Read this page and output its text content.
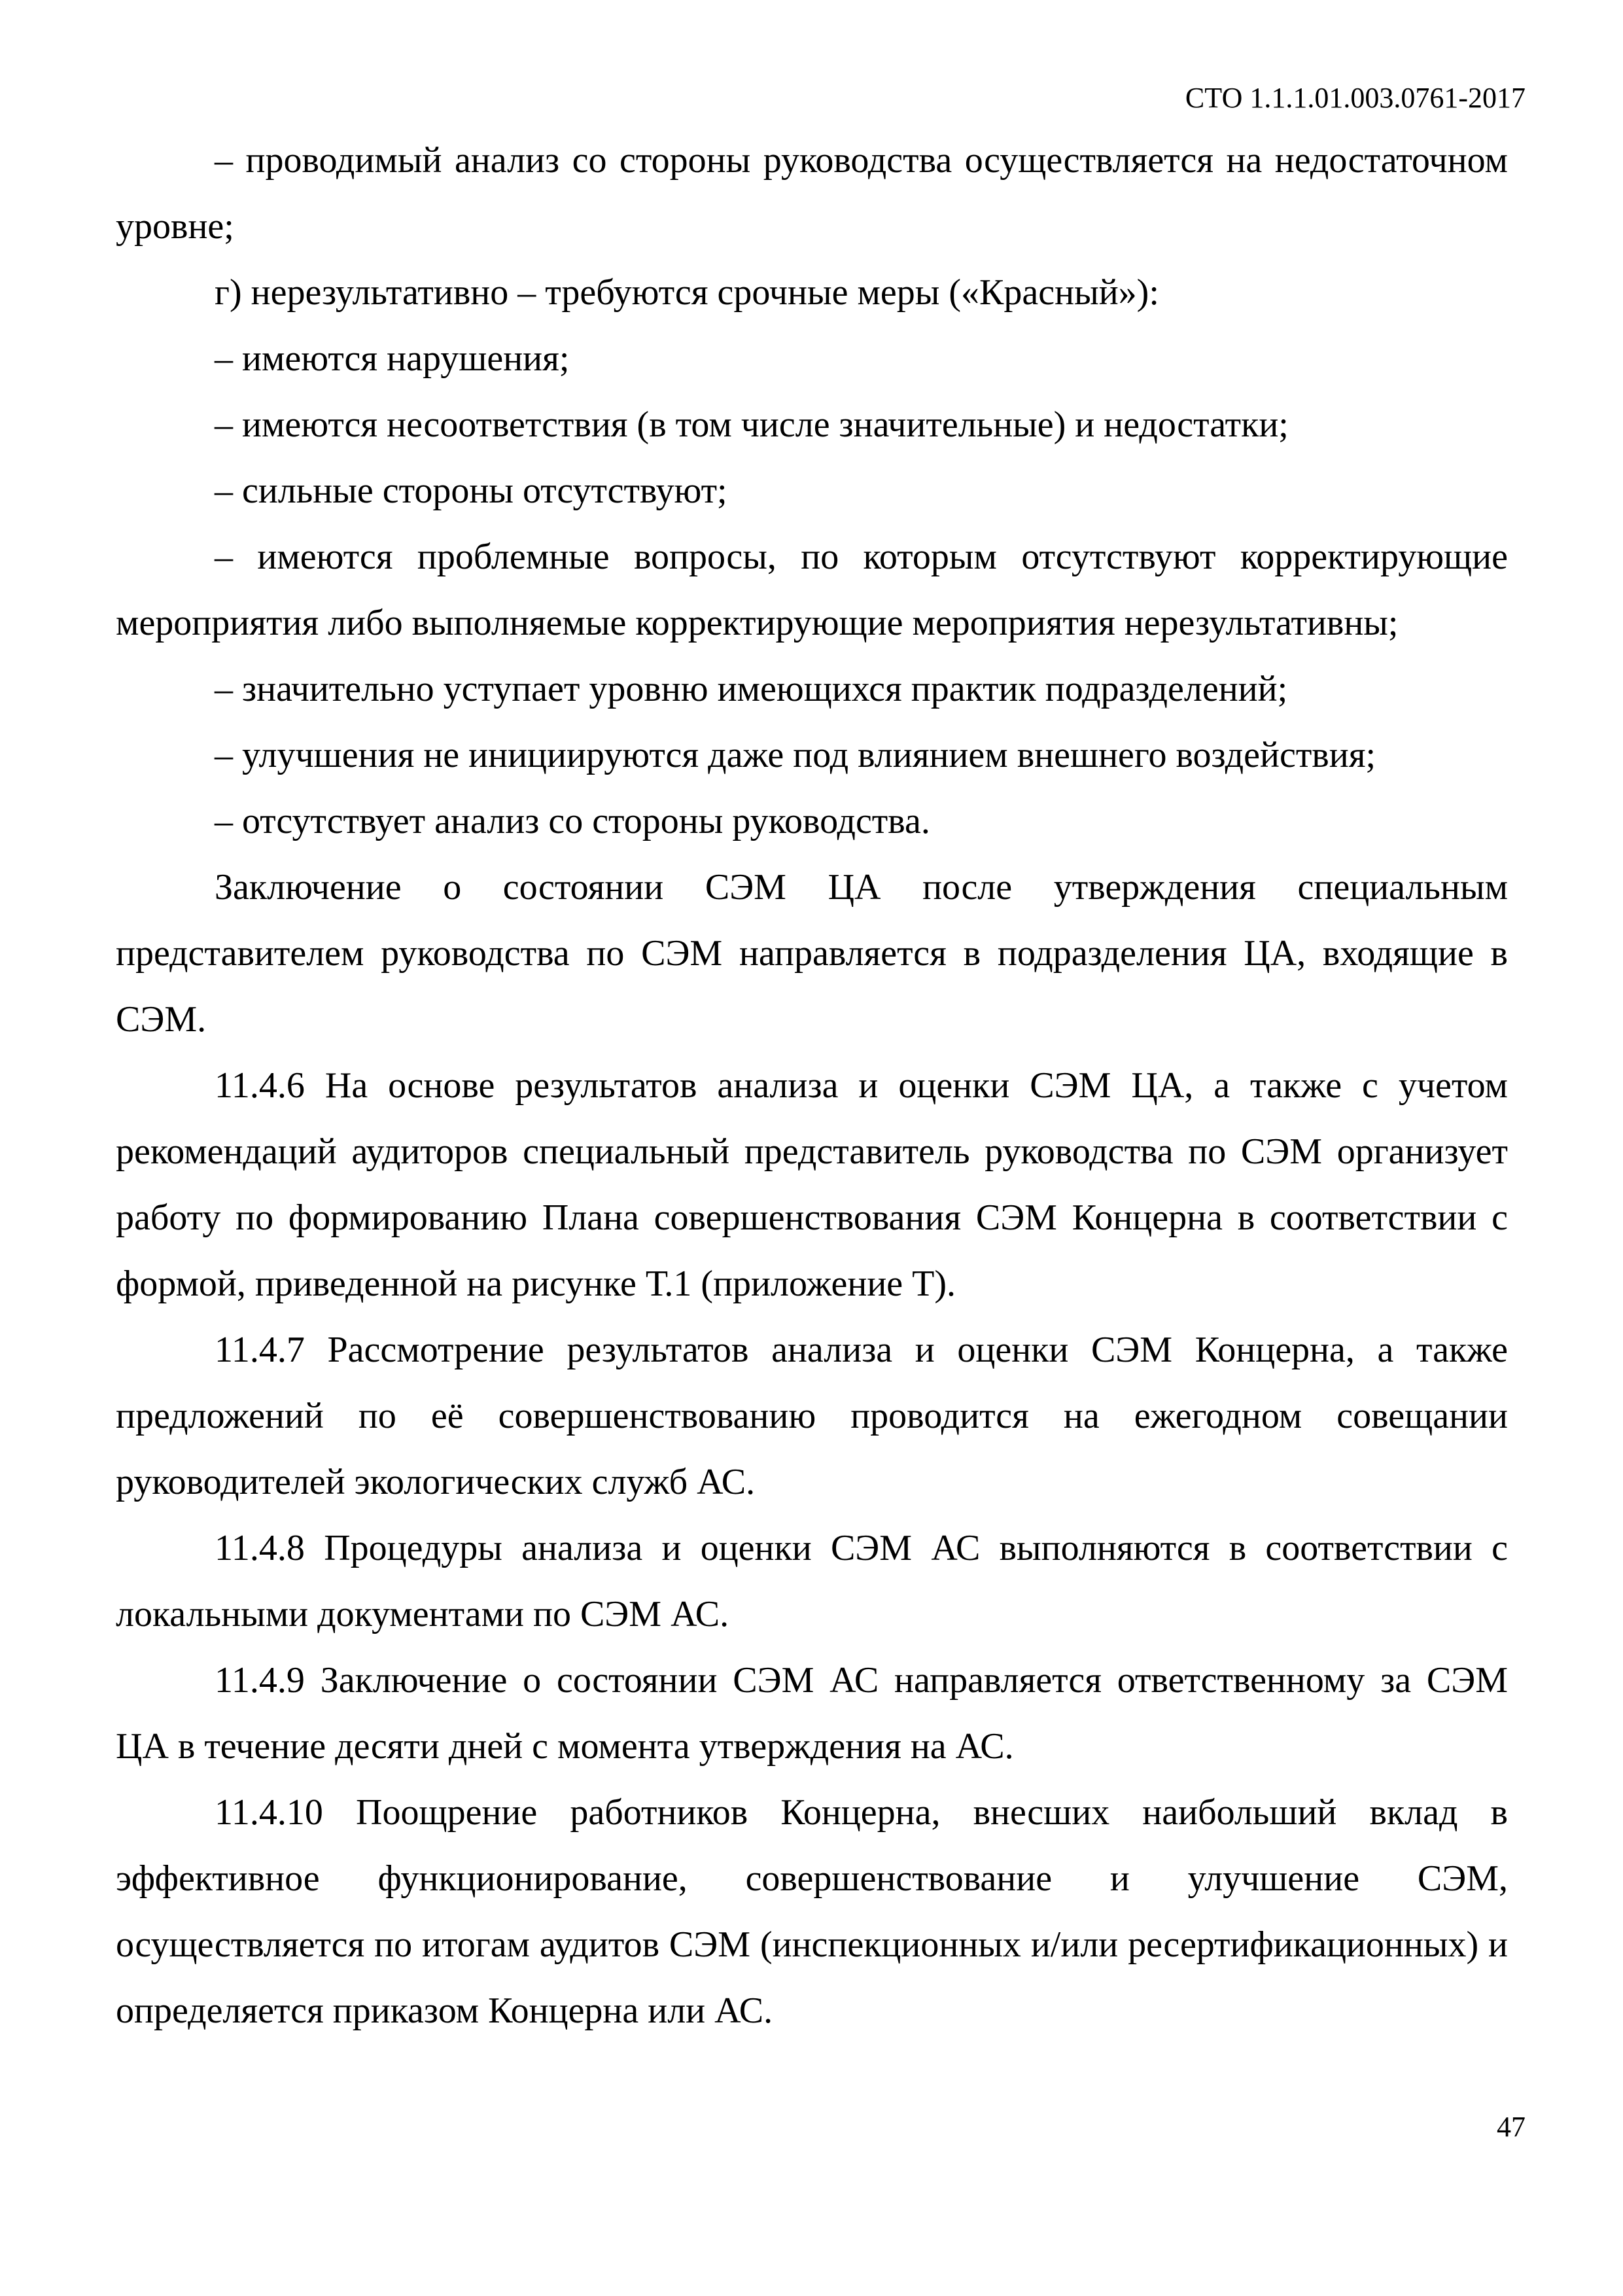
СТО 1.1.1.01.003.0761-2017

– проводимый анализ со стороны руководства осуществляется на недостаточном уровне;

г) нерезультативно – требуются срочные меры («Красный»):

– имеются нарушения;

– имеются несоответствия (в том числе значительные) и недостатки;

– сильные стороны отсутствуют;

– имеются проблемные вопросы, по которым отсутствуют корректирующие мероприятия либо выполняемые корректирующие мероприятия нерезультативны;

– значительно уступает уровню имеющихся практик подразделений;

– улучшения не инициируются даже под влиянием внешнего воздействия;

– отсутствует анализ со стороны руководства.

Заключение о состоянии СЭМ ЦА после утверждения специальным представителем руководства по СЭМ направляется в подразделения ЦА, входящие в СЭМ.

11.4.6 На основе результатов анализа и оценки СЭМ ЦА, а также с учетом рекомендаций аудиторов специальный представитель руководства по СЭМ организует работу по формированию Плана совершенствования СЭМ Концерна в соответствии с формой, приведенной на рисунке Т.1 (приложение Т).

11.4.7 Рассмотрение результатов анализа и оценки СЭМ Концерна, а также предложений по её совершенствованию проводится на ежегодном совещании руководителей экологических служб АС.

11.4.8 Процедуры анализа и оценки СЭМ АС выполняются в соответствии с локальными документами по СЭМ АС.

11.4.9 Заключение о состоянии СЭМ АС направляется ответственному за СЭМ ЦА в течение десяти дней с момента утверждения на АС.

11.4.10 Поощрение работников Концерна, внесших наибольший вклад в эффективное функционирование, совершенствование и улучшение СЭМ, осуществляется по итогам аудитов СЭМ (инспекционных и/или ресертификационных) и определяется приказом Концерна или АС.

47
